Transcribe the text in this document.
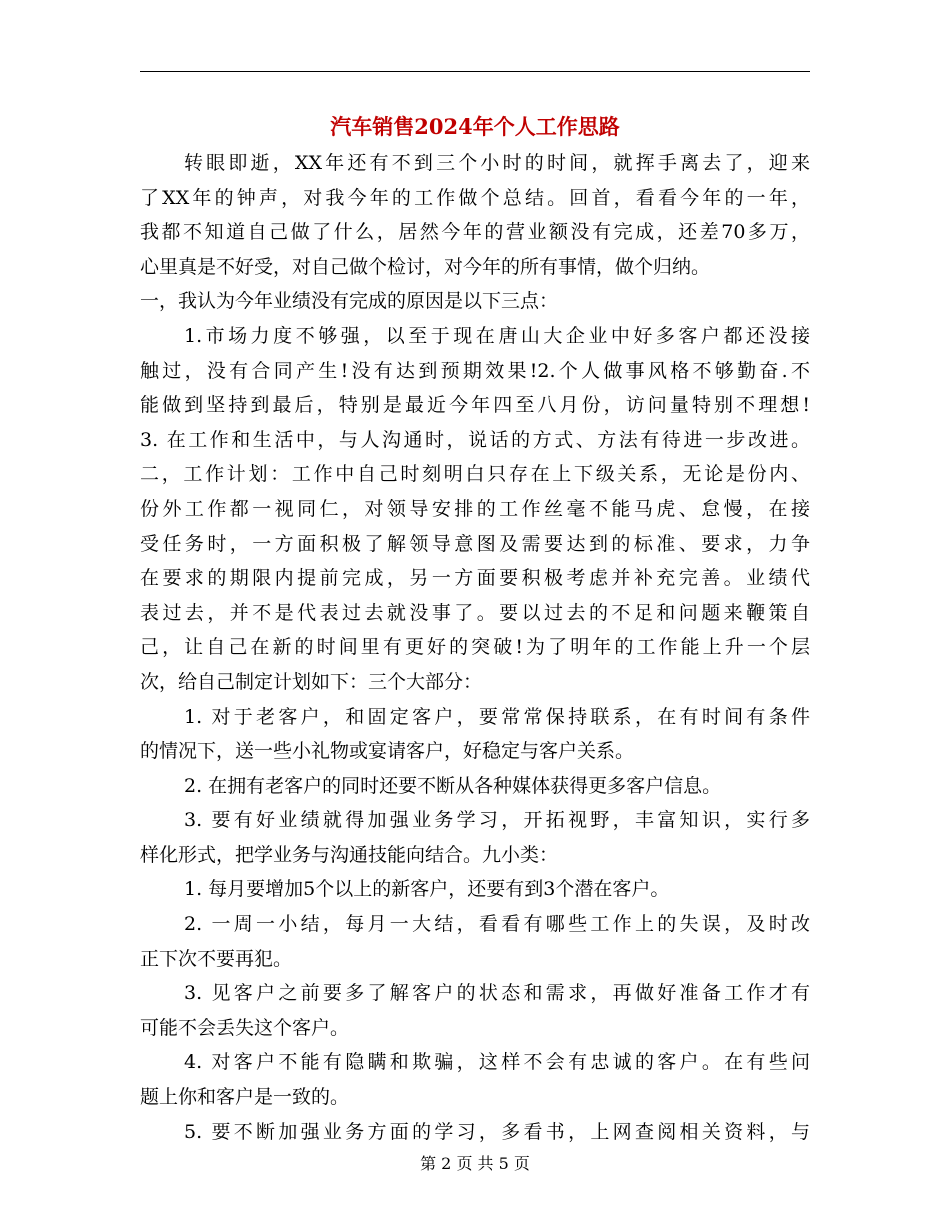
汽车销售2024年个人工作思路
转眼即逝，XX年还有不到三个小时的时间，就挥手离去了，迎来
了XX年的钟声，对我今年的工作做个总结。回首，看看今年的一年，
我都不知道自己做了什么，居然今年的营业额没有完成，还差70多万，
心里真是不好受，对自己做个检讨，对今年的所有事情，做个归纳。
一，我认为今年业绩没有完成的原因是以下三点：
1.市场力度不够强，以至于现在唐山大企业中好多客户都还没接
触过，没有合同产生!没有达到预期效果!2.个人做事风格不够勤奋.不
能做到坚持到最后，特别是最近今年四至八月份，访问量特别不理想!
3. 在工作和生活中，与人沟通时，说话的方式、方法有待进一步改进。
二，工作计划：工作中自己时刻明白只存在上下级关系，无论是份内、
份外工作都一视同仁，对领导安排的工作丝毫不能马虎、怠慢，在接
受任务时，一方面积极了解领导意图及需要达到的标准、要求，力争
在要求的期限内提前完成，另一方面要积极考虑并补充完善。业绩代
表过去，并不是代表过去就没事了。要以过去的不足和问题来鞭策自
己，让自己在新的时间里有更好的突破!为了明年的工作能上升一个层
次，给自己制定计划如下：三个大部分：
1. 对于老客户，和固定客户，要常常保持联系，在有时间有条件
的情况下，送一些小礼物或宴请客户，好稳定与客户关系。
2. 在拥有老客户的同时还要不断从各种媒体获得更多客户信息。
3. 要有好业绩就得加强业务学习，开拓视野，丰富知识，实行多
样化形式，把学业务与沟通技能向结合。九小类：
1. 每月要增加5个以上的新客户，还要有到3个潜在客户。
2. 一周一小结，每月一大结，看看有哪些工作上的失误，及时改
正下次不要再犯。
3. 见客户之前要多了解客户的状态和需求，再做好准备工作才有
可能不会丢失这个客户。
4. 对客户不能有隐瞒和欺骗，这样不会有忠诚的客户。在有些问
题上你和客户是一致的。
5. 要不断加强业务方面的学习，多看书，上网查阅相关资料，与
第 2 页 共 5 页
